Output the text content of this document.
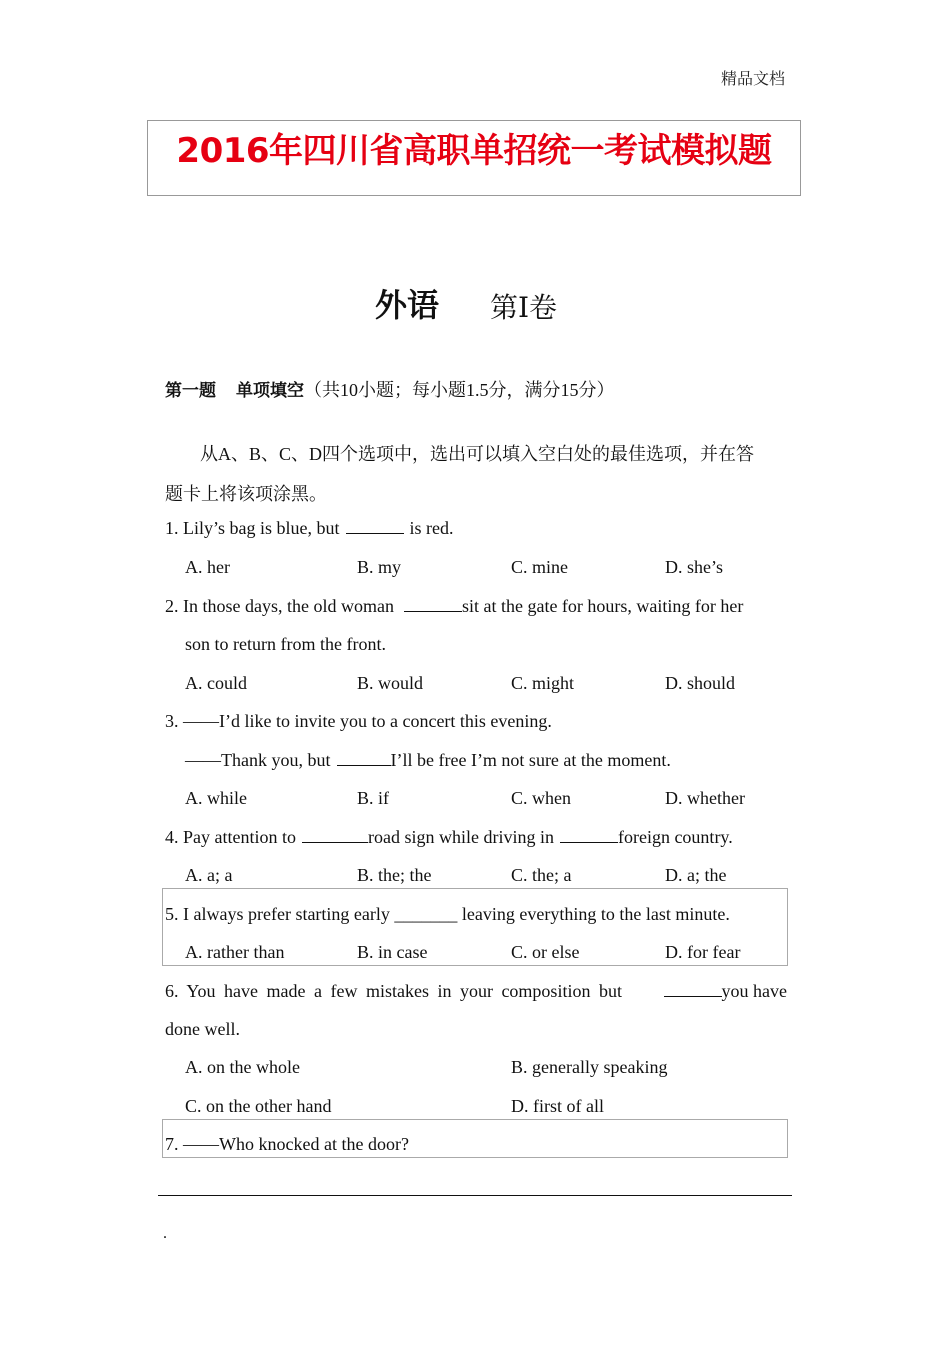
精品文档
2016年四川省高职单招统一考试模拟题
外语 第Ⅰ卷
第一题 单项填空（共10小题；每小题1.5分，满分15分）
从A、B、C、D四个选项中，选出可以填入空白处的最佳选项，并在答
题卡上将该项涂黑。
1. Lily’s bag is blue, but	is red.
A. her	B. my	C. mine	D. she’s
2. In those days, the old woman	sit at the gate for hours, waiting for her
son to return from the front.
A. could	B. would	C. might	D. should
3. ——I’d like to invite you to a concert this evening.
——Thank you, but	I’ll be free I’m not sure at the moment.
A. while	B. if	C. when	D. whether
4. Pay attention to	road sign while driving in	foreign country.
A. a; a	B. the; the	C. the; a	D. a; the
5. I always prefer starting early _______ leaving everything to the last minute.
A. rather than	B. in case	C. or else	D. for fear
6. You have made a few mistakes in your composition but	you have
done well.
A. on the whole	B. generally speaking
C. on the other hand	D. first of all
7. ——Who knocked at the door?
.
